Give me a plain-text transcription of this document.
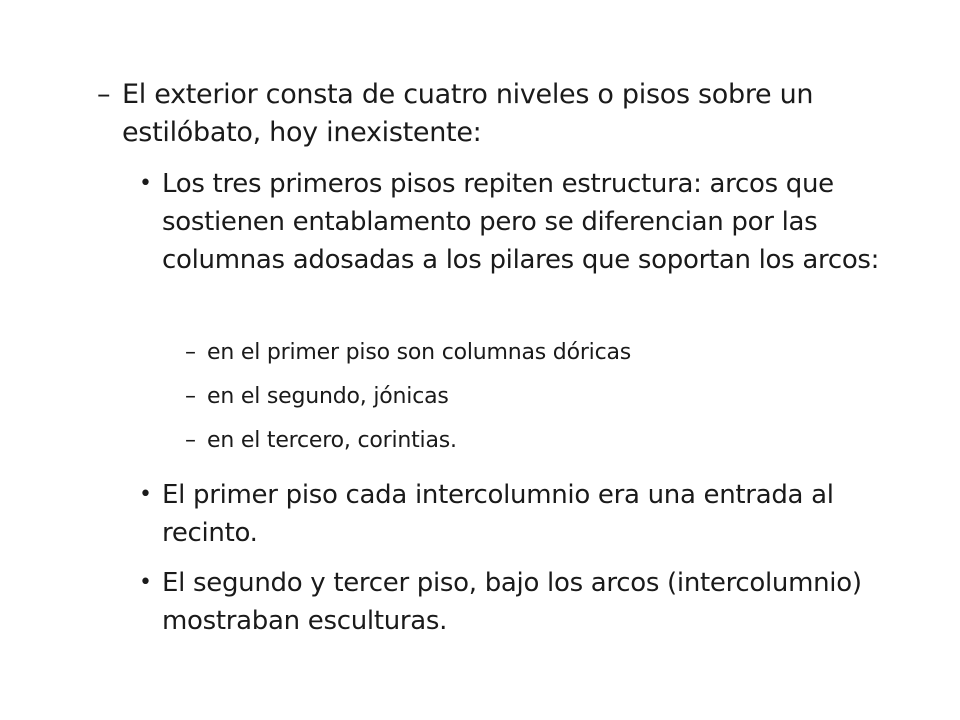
– El exterior consta de cuatro niveles o pisos sobre un estilóbato, hoy inexistente:
• Los tres primeros pisos repiten estructura: arcos que sostienen entablamento pero se diferencian por las columnas adosadas a los pilares que soportan los arcos:
– en el primer piso son columnas dóricas
– en el segundo, jónicas
– en el tercero, corintias.
• El primer piso cada intercolumnio era una entrada al recinto.
• El segundo y tercer piso, bajo los arcos (intercolumnio) mostraban esculturas.
